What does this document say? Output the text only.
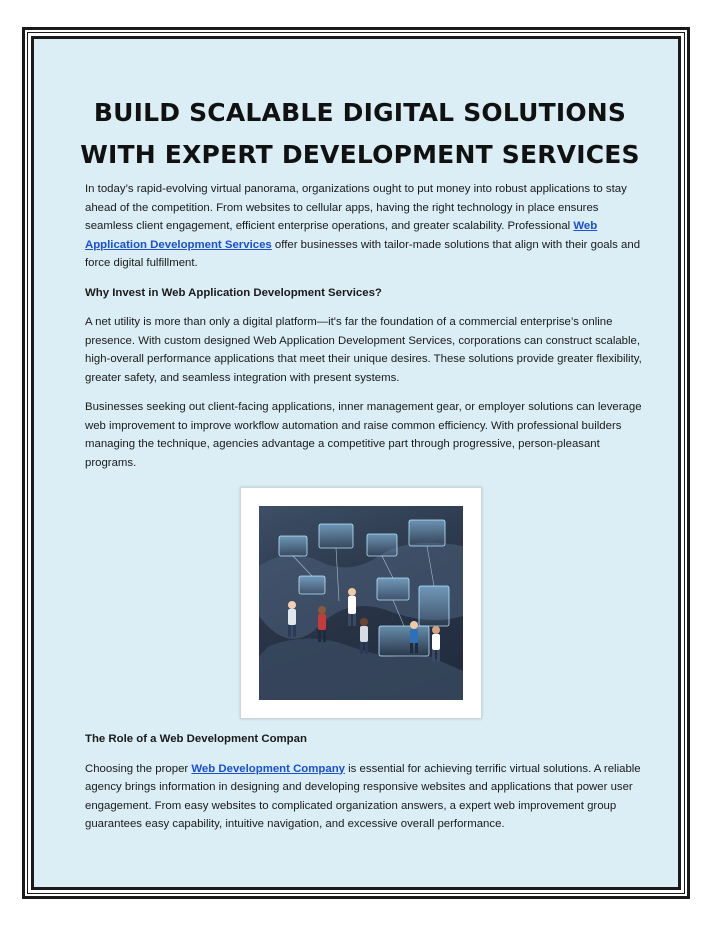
BUILD SCALABLE DIGITAL SOLUTIONS
WITH EXPERT DEVELOPMENT SERVICES

In today’s rapid-evolving virtual panorama, organizations ought to put money into robust applications to stay ahead of the competition. From websites to cellular apps, having the right technology in place ensures seamless client engagement, efficient enterprise operations, and greater scalability. Professional Web Application Development Services offer businesses with tailor-made solutions that align with their goals and force digital fulfillment.

Why Invest in Web Application Development Services?

A net utility is more than only a digital platform—it's far the foundation of a commercial enterprise’s online presence. With custom designed Web Application Development Services, corporations can construct scalable, high-overall performance applications that meet their unique desires. These solutions provide greater flexibility, greater safety, and seamless integration with present systems.

Businesses seeking out client-facing applications, inner management gear, or employer solutions can leverage web improvement to improve workflow automation and raise common efficiency. With professional builders managing the technique, agencies advantage a competitive part through progressive, person-pleasant programs.

The Role of a Web Development Compan

Choosing the proper Web Development Company is essential for achieving terrific virtual solutions. A reliable agency brings information in designing and developing responsive websites and applications that power user engagement. From easy websites to complicated organization answers, a expert web improvement group guarantees easy capability, intuitive navigation, and excessive overall performance.
